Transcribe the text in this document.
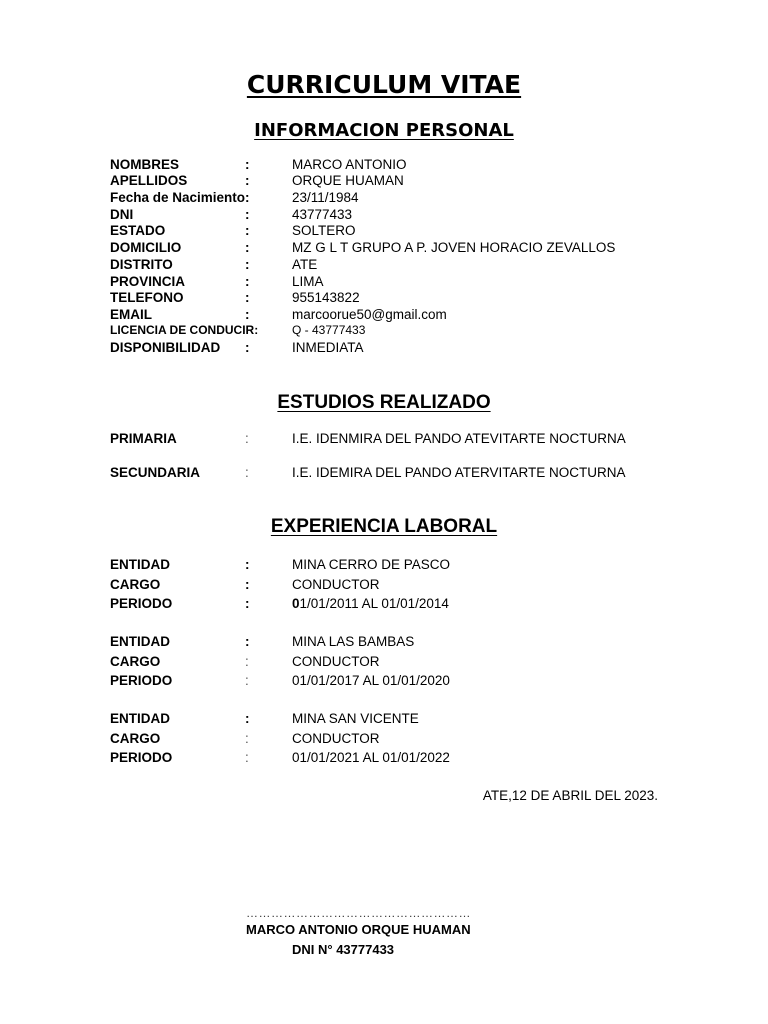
CURRICULUM VITAE
INFORMACION PERSONAL
NOMBRES	:	MARCO ANTONIO
APELLIDOS	:	ORQUE HUAMAN
Fecha de Nacimiento :	23/11/1984
DNI	:	43777433
ESTADO	:	SOLTERO
DOMICILIO	:	MZ G L T GRUPO A P. JOVEN HORACIO ZEVALLOS
DISTRITO	:	ATE
PROVINCIA	:	LIMA
TELEFONO	:	955143822
EMAIL	:	marcoorue50@gmail.com
LICENCIA DE CONDUCIR:	Q - 43777433
DISPONIBILIDAD :	INMEDIATA
ESTUDIOS REALIZADO
PRIMARIA	:	I.E. IDENMIRA DEL PANDO ATEVITARTE NOCTURNA
SECUNDARIA	:	I.E. IDEMIRA DEL PANDO ATERVITARTE NOCTURNA
EXPERIENCIA LABORAL
ENTIDAD	:	MINA CERRO DE PASCO
CARGO	:	CONDUCTOR
PERIODO	:	01/01/2011 AL 01/01/2014
ENTIDAD	:	MINA LAS BAMBAS
CARGO	:	CONDUCTOR
PERIODO	:	01/01/2017 AL 01/01/2020
ENTIDAD	:	MINA SAN VICENTE
CARGO	:	CONDUCTOR
PERIODO	:	01/01/2021 AL 01/01/2022
ATE,12 DE ABRIL DEL 2023.
………………………………………………
MARCO ANTONIO ORQUE HUAMAN
DNI N° 43777433
